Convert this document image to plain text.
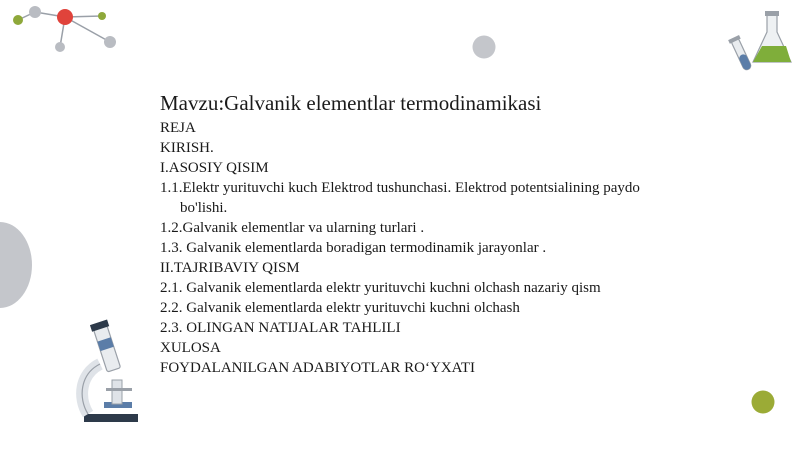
Mavzu:Galvanik elementlar termodinamikasi
REJA
KIRISH.
I.ASOSIY QISIM
1.1.Elektr yurituvchi kuch Elektrod tushunchasi. Elektrod potentsialining paydo
bo'lishi.
1.2.Galvanik elementlar va ularning turlari .
1.3. Galvanik elementlarda boradigan termodinamik jarayonlar .
II.TAJRIBAVIY QISM
2.1. Galvanik elementlarda elektr yurituvchi kuchni olchash nazariy qism
2.2. Galvanik elementlarda elektr yurituvchi kuchni olchash
2.3. OLINGAN NATIJALAR TAHLILI
XULOSA
FOYDALANILGAN ADABIYOTLAR RO‘YXATI
